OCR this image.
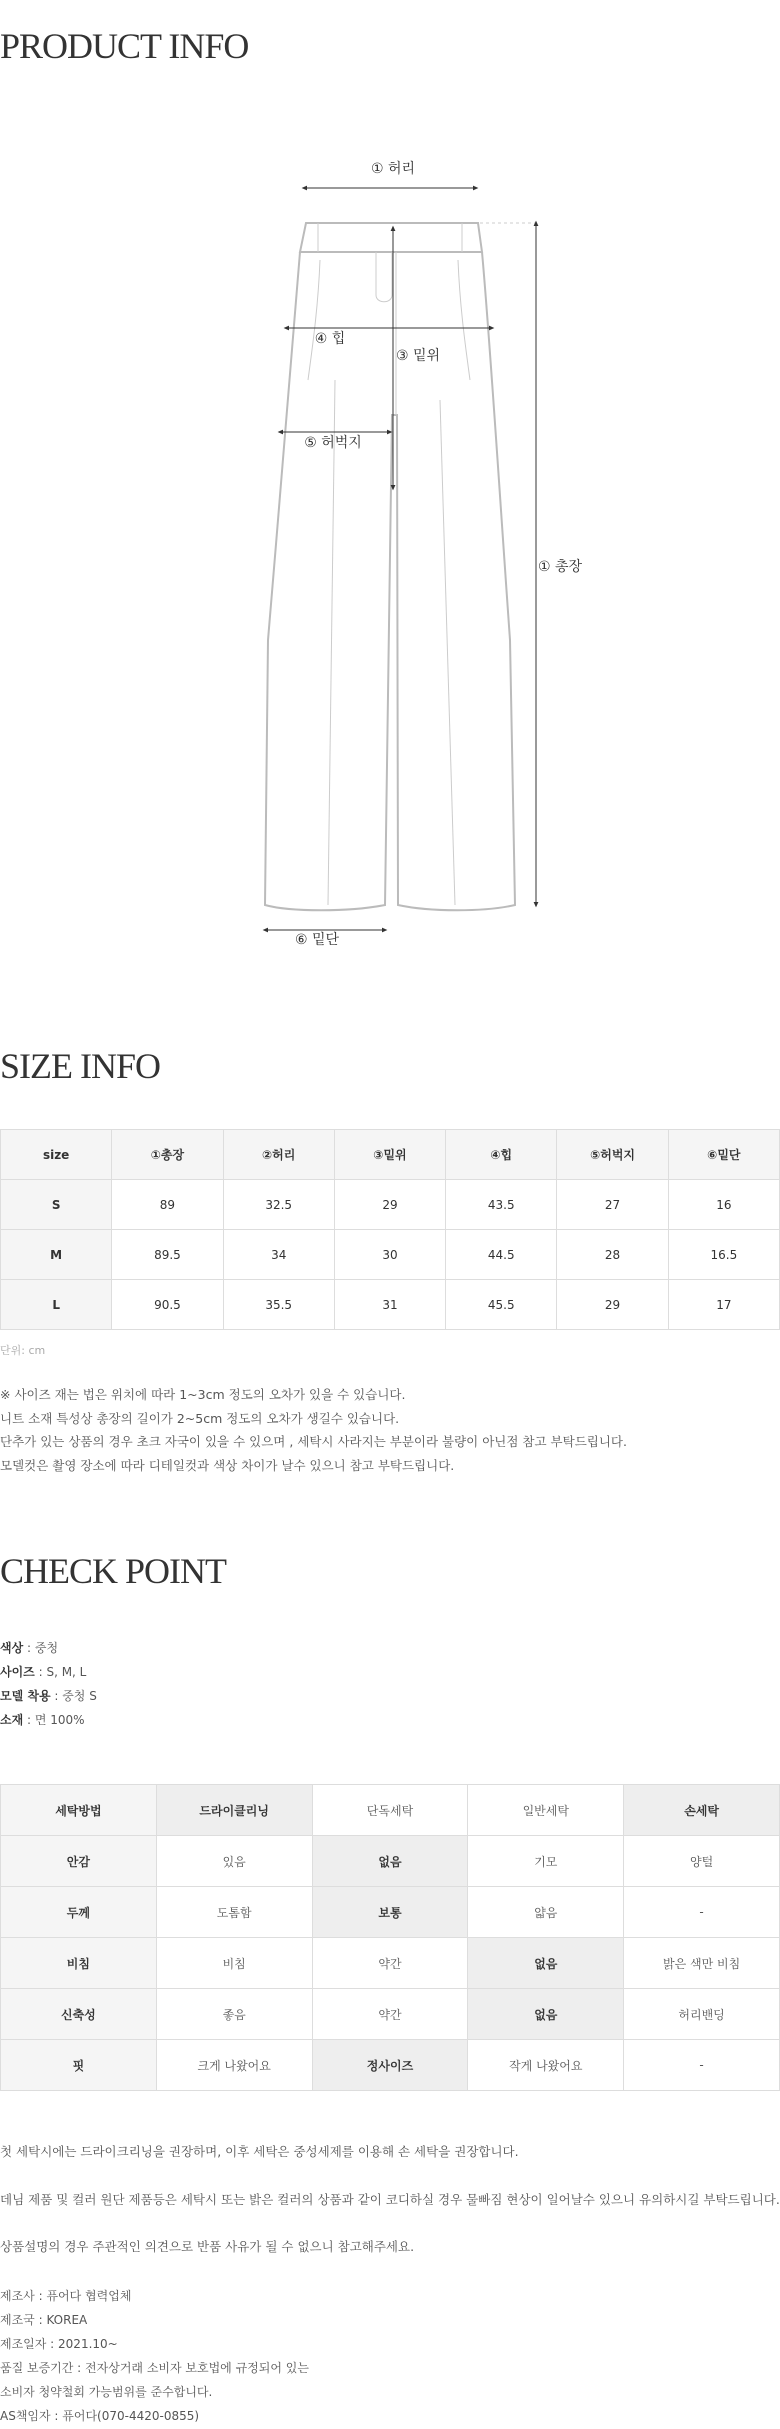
PRODUCT INFO
① 허리
④ 힙
③ 밑위
⑤ 허벅지
① 총장
⑥ 밑단
SIZE INFO
size	①총장	②허리	③밑위	④힙	⑤허벅지	⑥밑단
S	89	32.5	29	43.5	27	16
M	89.5	34	30	44.5	28	16.5
L	90.5	35.5	31	45.5	29	17
단위: cm
※ 사이즈 재는 법은 위치에 따라 1~3cm 정도의 오차가 있을 수 있습니다.
니트 소재 특성상 총장의 길이가 2~5cm 정도의 오차가 생길수 있습니다.
단추가 있는 상품의 경우 초크 자국이 있을 수 있으며 , 세탁시 사라지는 부분이라 불량이 아닌점 참고 부탁드립니다.
모델컷은 촬영 장소에 따라 디테일컷과 색상 차이가 날수 있으니 참고 부탁드립니다.
CHECK POINT
색상 : 중청
사이즈 : S, M, L
모델 착용 : 중청 S
소재 : 면 100%
세탁방법	드라이클리닝	단독세탁	일반세탁	손세탁
안감	있음	없음	기모	양털
두께	도톰함	보통	얇음	-
비침	비침	약간	없음	밝은 색만 비침
신축성	좋음	약간	없음	허리밴딩
핏	크게 나왔어요	정사이즈	작게 나왔어요	-
첫 세탁시에는 드라이크리닝을 권장하며, 이후 세탁은 중성세제를 이용해 손 세탁을 권장합니다.
데님 제품 및 컬러 원단 제품등은 세탁시 또는 밝은 컬러의 상품과 같이 코디하실 경우 물빠짐 현상이 일어날수 있으니 유의하시길 부탁드립니다.
상품설명의 경우 주관적인 의견으로 반품 사유가 될 수 없으니 참고해주세요.
제조사 : 퓨어다 협력업체
제조국 : KOREA
제조일자 : 2021.10~
품질 보증기간 : 전자상거래 소비자 보호법에 규정되어 있는
소비자 청약철회 가능범위를 준수합니다.
AS책임자 : 퓨어다(070-4420-0855)
